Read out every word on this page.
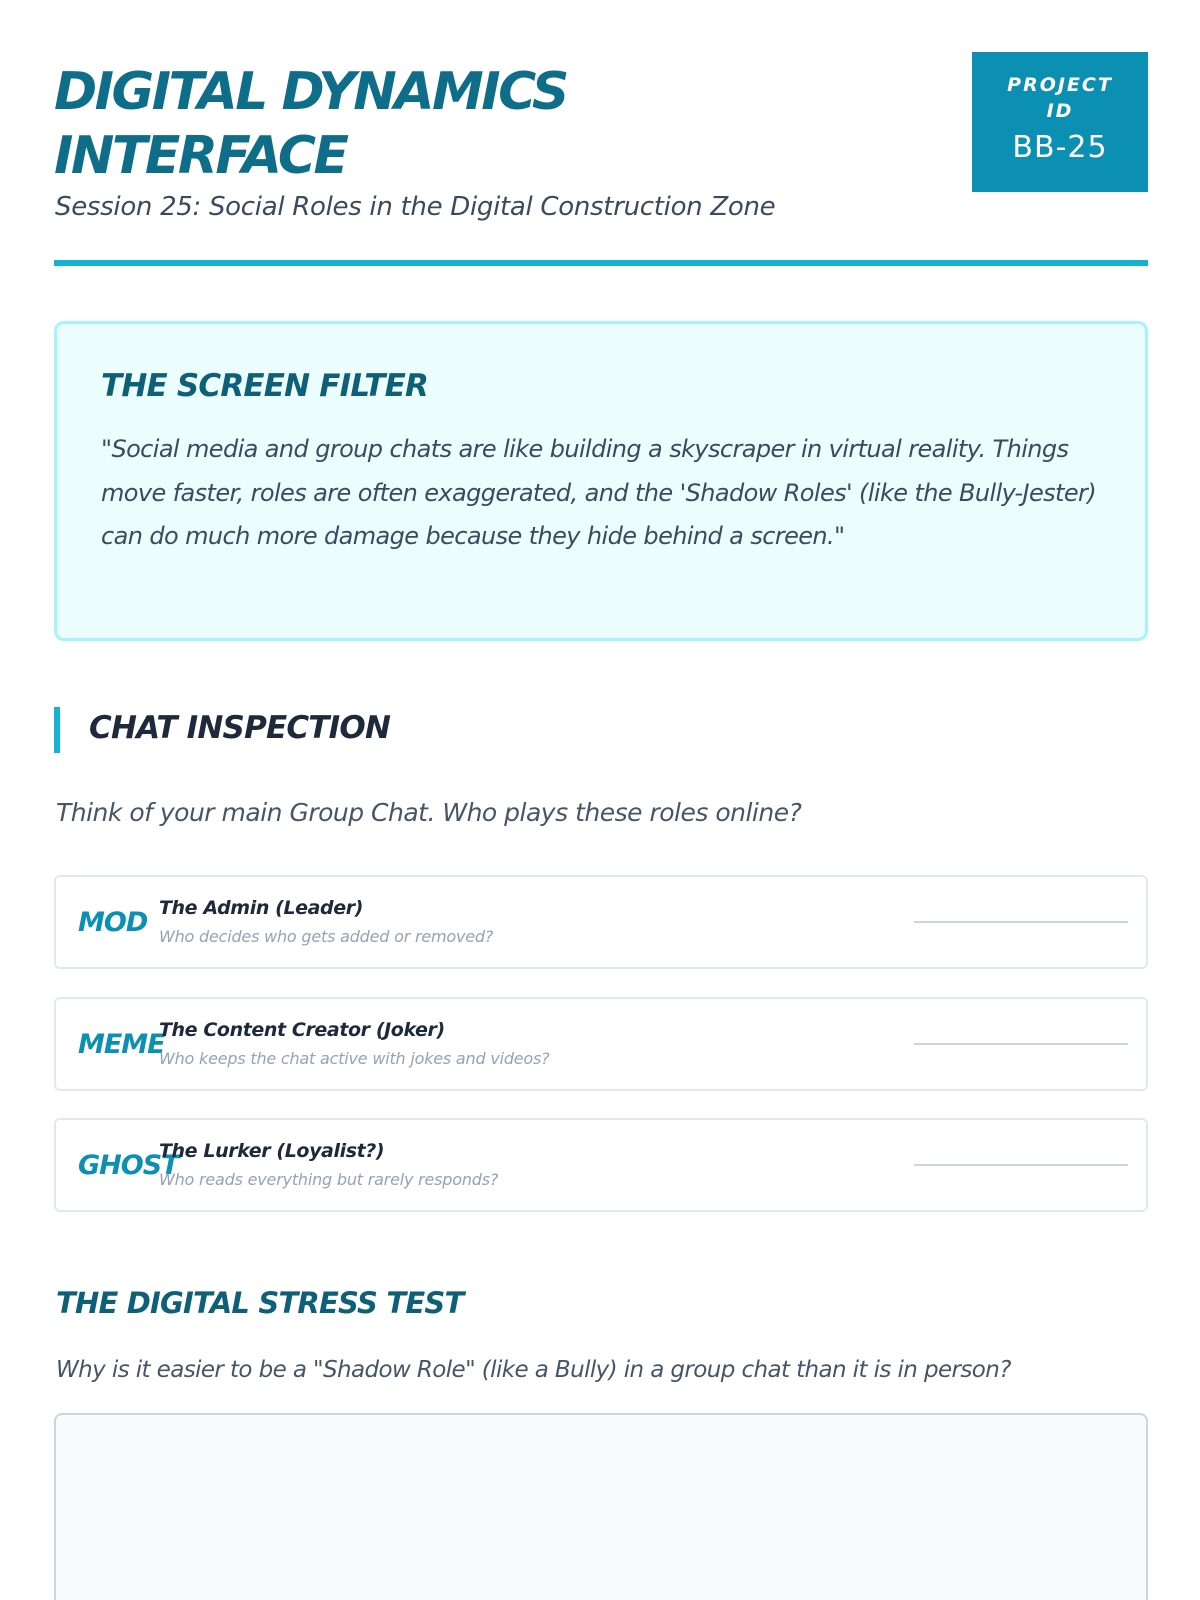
DIGITAL DYNAMICS
INTERFACE
Session 25: Social Roles in the Digital Construction Zone
PROJECT
ID
BB-25
THE SCREEN FILTER

"Social media and group chats are like building a skyscraper in virtual reality. Things move faster, roles are often exaggerated, and the 'Shadow Roles' (like the Bully-Jester) can do much more damage because they hide behind a screen."

CHAT INSPECTION

Think of your main Group Chat. Who plays these roles online?

MOD The Admin (Leader)
Who decides who gets added or removed?
MEME
The Content Creator (Joker)
Who keeps the chat active with jokes and videos?
GHOST
The Lurker (Loyalist?)
Who reads everything but rarely responds?
THE DIGITAL STRESS TEST

Why is it easier to be a "Shadow Role" (like a Bully) in a group chat than it is in person?
